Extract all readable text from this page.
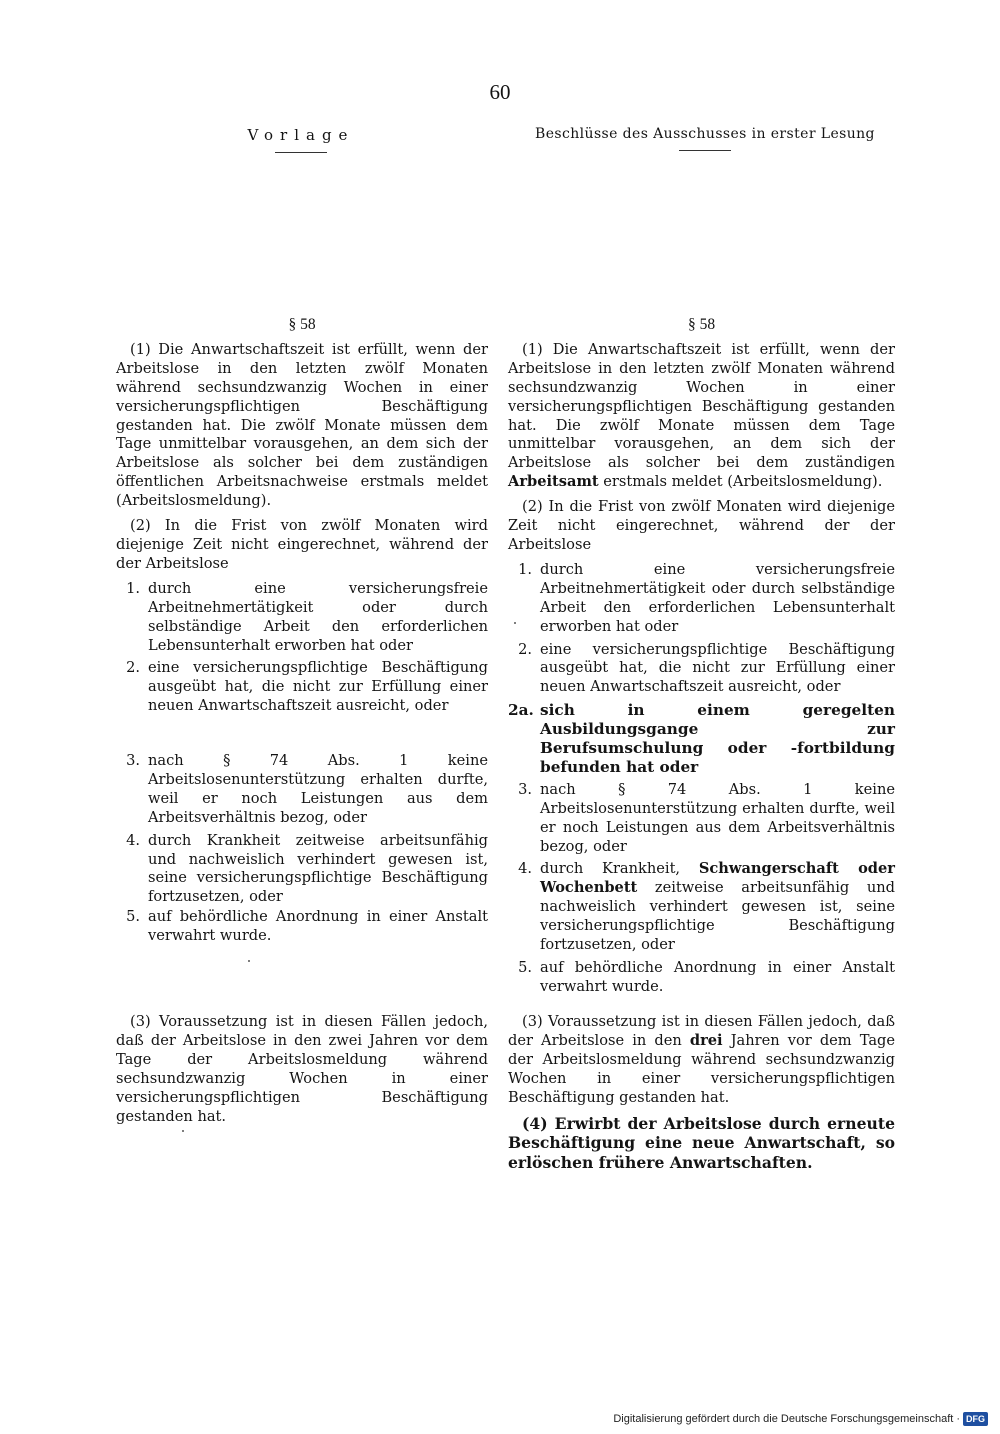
60
Vorlage	Beschlüsse des Ausschusses in erster Lesung
§ 58

(1) Die Anwartschaftszeit ist erfüllt, wenn der Arbeitslose in den letzten zwölf Monaten während sechsundzwanzig Wochen in einer versicherungspflichtigen Beschäftigung gestanden hat. Die zwölf Monate müssen dem Tage unmittelbar vorausgehen, an dem sich der Arbeitslose als solcher bei dem zuständigen öffentlichen Arbeitsnachweise erstmals meldet (Arbeitslosmeldung).

(2) In die Frist von zwölf Monaten wird diejenige Zeit nicht eingerechnet, während der der Arbeitslose

1. durch eine versicherungsfreie Arbeitnehmertätigkeit oder durch selbständige Arbeit den erforderlichen Lebensunterhalt erworben hat oder
2. eine versicherungspflichtige Beschäftigung ausgeübt hat, die nicht zur Erfüllung einer neuen Anwartschaftszeit ausreicht, oder
3. nach § 74 Abs. 1 keine Arbeitslosenunterstützung erhalten durfte, weil er noch Leistungen aus dem Arbeitsverhältnis bezog, oder
4. durch Krankheit zeitweise arbeitsunfähig und nachweislich verhindert gewesen ist, seine versicherungspflichtige Beschäftigung fortzusetzen, oder
5. auf behördliche Anordnung in einer Anstalt verwahrt wurde.

(3) Voraussetzung ist in diesen Fällen jedoch, daß der Arbeitslose in den zwei Jahren vor dem Tage der Arbeitslosmeldung während sechsundzwanzig Wochen in einer versicherungspflichtigen Beschäftigung gestanden hat.

§ 58

(1) Die Anwartschaftszeit ist erfüllt, wenn der Arbeitslose in den letzten zwölf Monaten während sechsundzwanzig Wochen in einer versicherungspflichtigen Beschäftigung gestanden hat. Die zwölf Monate müssen dem Tage unmittelbar vorausgehen, an dem sich der Arbeitslose als solcher bei dem zuständigen Arbeitsamt erstmals meldet (Arbeitslosmeldung).

(2) In die Frist von zwölf Monaten wird diejenige Zeit nicht eingerechnet, während der der Arbeitslose

1. durch eine versicherungsfreie Arbeitnehmertätigkeit oder durch selbständige Arbeit den erforderlichen Lebensunterhalt erworben hat oder
2. eine versicherungspflichtige Beschäftigung ausgeübt hat, die nicht zur Erfüllung einer neuen Anwartschaftszeit ausreicht, oder
2a. sich in einem geregelten Ausbildungsgange zur Berufsumschulung oder -fortbildung befunden hat oder
3. nach § 74 Abs. 1 keine Arbeitslosenunterstützung erhalten durfte, weil er noch Leistungen aus dem Arbeitsverhältnis bezog, oder
4. durch Krankheit, Schwangerschaft oder Wochenbett zeitweise arbeitsunfähig und nachweislich verhindert gewesen ist, seine versicherungspflichtige Beschäftigung fortzusetzen, oder
5. auf behördliche Anordnung in einer Anstalt verwahrt wurde.

(3) Voraussetzung ist in diesen Fällen jedoch, daß der Arbeitslose in den drei Jahren vor dem Tage der Arbeitslosmeldung während sechsundzwanzig Wochen in einer versicherungspflichtigen Beschäftigung gestanden hat.

(4) Erwirbt der Arbeitslose durch erneute Beschäftigung eine neue Anwartschaft, so erlöschen frühere Anwartschaften.

Digitalisierung gefördert durch die Deutsche Forschungsgemeinschaft · DFG
